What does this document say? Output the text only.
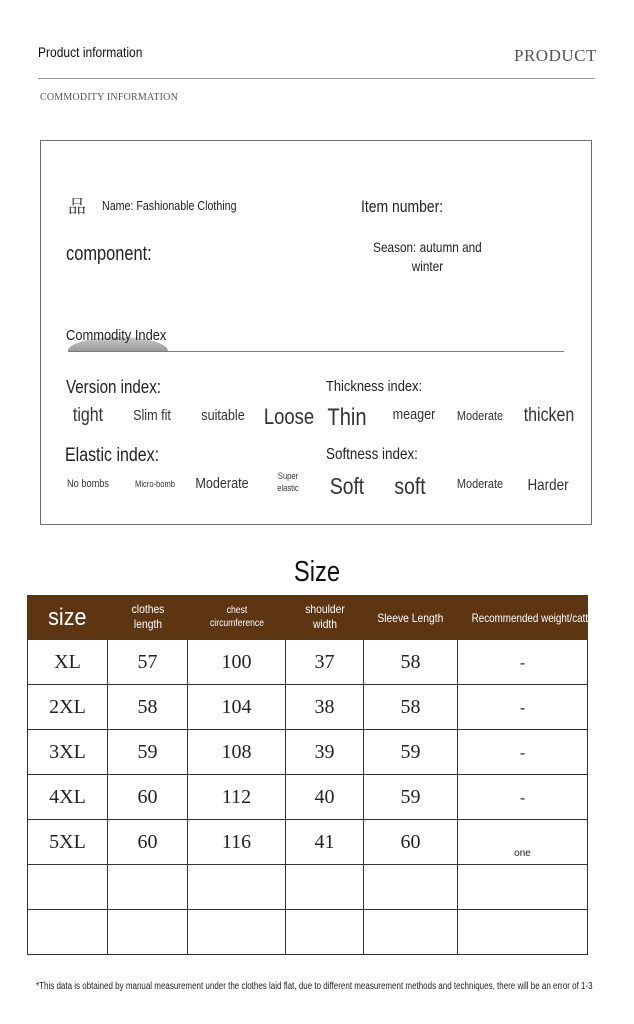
Product information	PRODUCT
COMMODITY INFORMATION
品 Name: Fashionable Clothing	Item number:
component:	Season: autumn and winter
Commodity Index
Version index:	Thickness index:
Elastic index:	Softness index:
tight Slim fit suitable Loose Thin meager Moderate thicken
No bombs	Micro-bomb Moderate	Super elastic Soft soft Moderate Harder
Size
size	clothes length	chest circumference	shoulder width	Sleeve Length	Recommended weight/cattie
XL	57	100	37	58	-
2XL	58	104	38	58	-
3XL	59	108	39	59	-
4XL	60	112	40	59	-
5XL	60	116	41	60	$_{one}$

*This data is obtained by manual measurement under the clothes laid flat, due to different measurement methods and techniques, there will be an error of 1-3
